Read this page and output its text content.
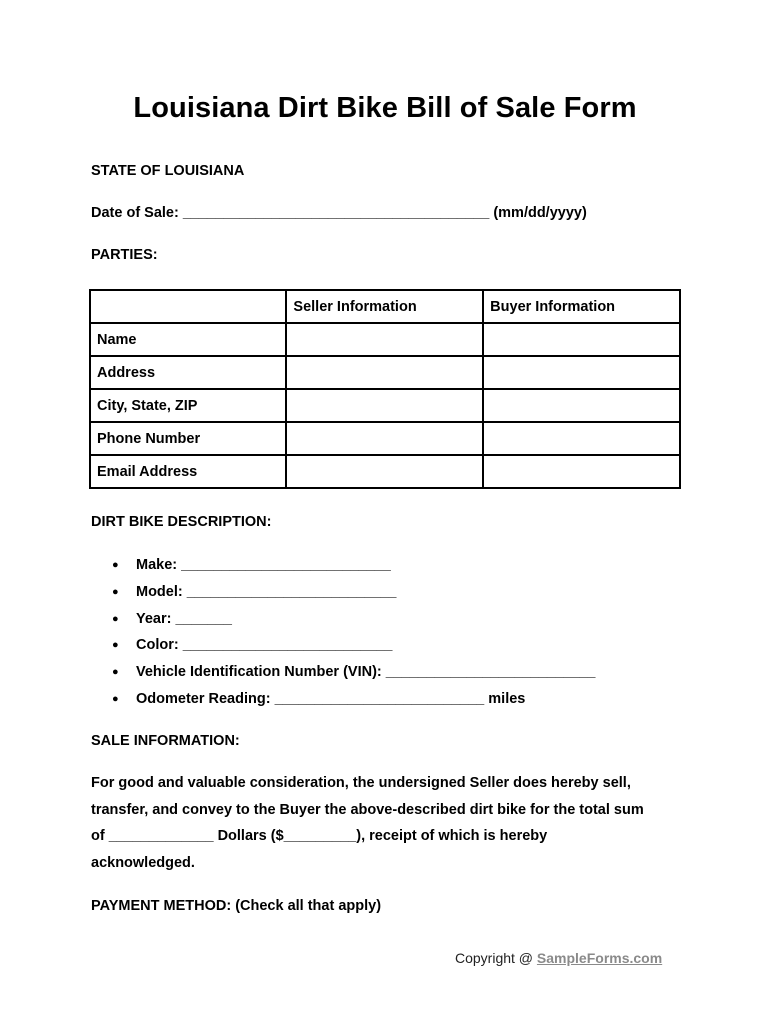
Louisiana Dirt Bike Bill of Sale Form
STATE OF LOUISIANA
Date of Sale: ______________________________________ (mm/dd/yyyy)
PARTIES:
	Seller Information	Buyer Information
Name		
Address		
City, State, ZIP		
Phone Number		
Email Address		
DIRT BIKE DESCRIPTION:
● Make: __________________________
● Model: __________________________
● Year: _______
● Color: __________________________
● Vehicle Identification Number (VIN): __________________________
● Odometer Reading: __________________________ miles
SALE INFORMATION:
For good and valuable consideration, the undersigned Seller does hereby sell,
transfer, and convey to the Buyer the above-described dirt bike for the total sum
of _____________ Dollars ($_________), receipt of which is hereby
acknowledged.
PAYMENT METHOD: (Check all that apply)
Copyright @ SampleForms.com
